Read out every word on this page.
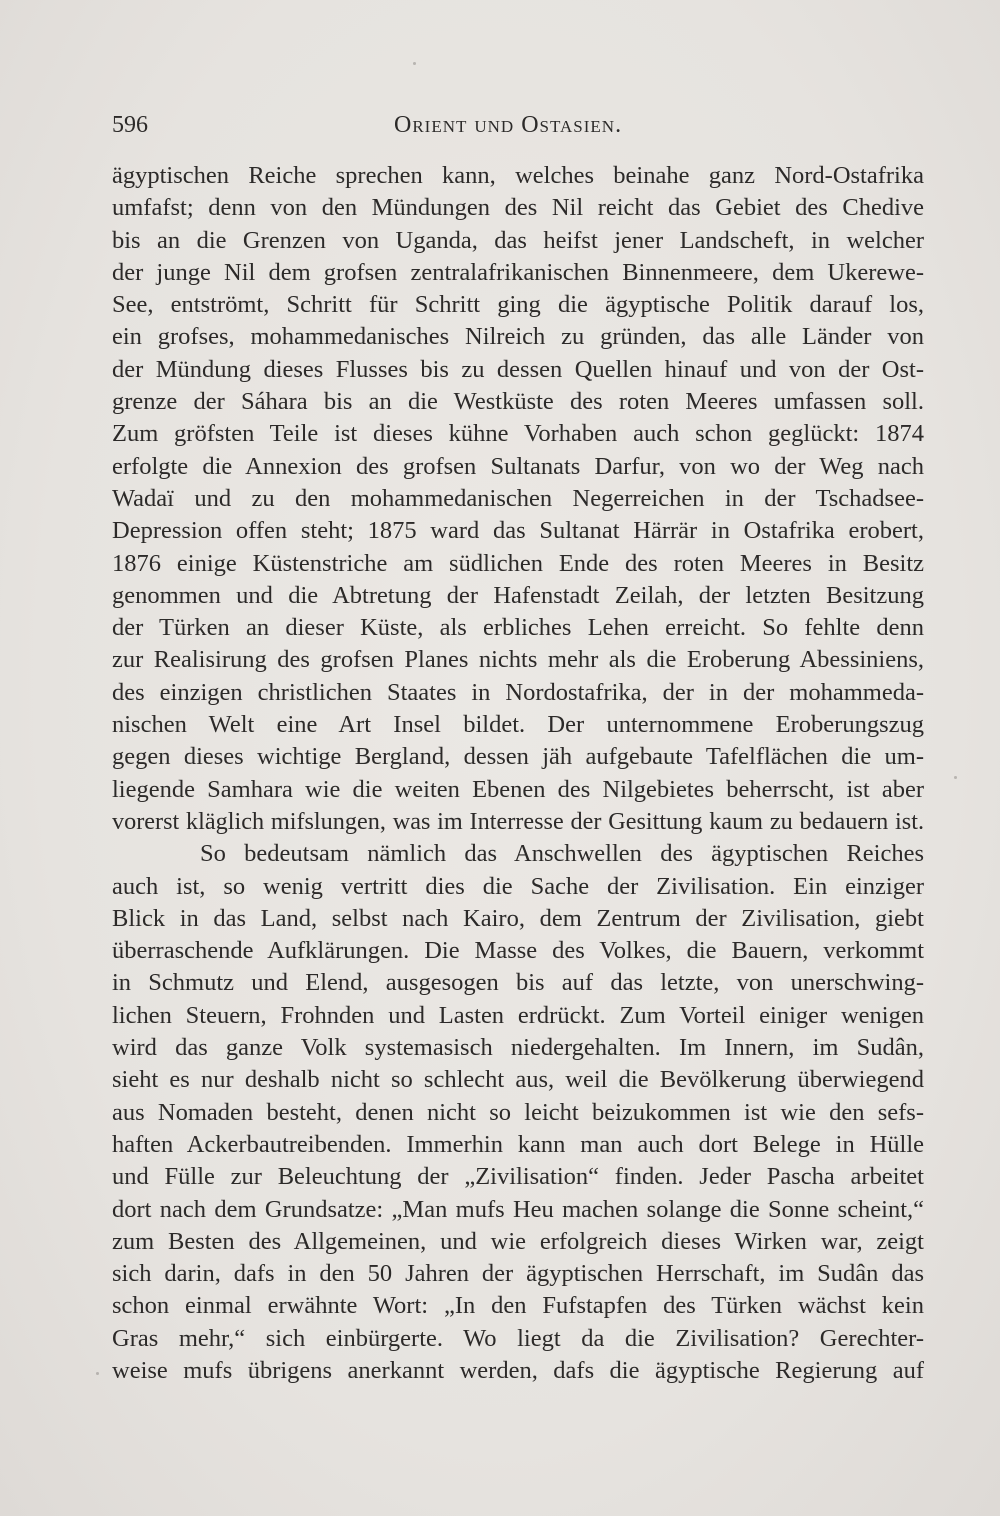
596	Orient und Ostasien.
ägyptischen Reiche sprechen kann, welches beinahe ganz Nord-Ostafrika
umfafst; denn von den Mündungen des Nil reicht das Gebiet des Chedive
bis an die Grenzen von Uganda, das heifst jener Landscheft, in welcher
der junge Nil dem grofsen zentralafrikanischen Binnenmeere, dem Ukerewe-
See, entströmt, Schritt für Schritt ging die ägyptische Politik darauf los,
ein grofses, mohammedanisches Nilreich zu gründen, das alle Länder von
der Mündung dieses Flusses bis zu dessen Quellen hinauf und von der Ost-
grenze der Sáhara bis an die Westküste des roten Meeres umfassen soll.
Zum gröfsten Teile ist dieses kühne Vorhaben auch schon geglückt: 1874
erfolgte die Annexion des grofsen Sultanats Darfur, von wo der Weg nach
Wadaï und zu den mohammedanischen Negerreichen in der Tschadsee-
Depression offen steht; 1875 ward das Sultanat Härrär in Ostafrika erobert,
1876 einige Küstenstriche am südlichen Ende des roten Meeres in Besitz
genommen und die Abtretung der Hafenstadt Zeilah, der letzten Besitzung
der Türken an dieser Küste, als erbliches Lehen erreicht. So fehlte denn
zur Realisirung des grofsen Planes nichts mehr als die Eroberung Abessiniens,
des einzigen christlichen Staates in Nordostafrika, der in der mohammeda-
nischen Welt eine Art Insel bildet. Der unternommene Eroberungszug
gegen dieses wichtige Bergland, dessen jäh aufgebaute Tafelflächen die um-
liegende Samhara wie die weiten Ebenen des Nilgebietes beherrscht, ist aber
vorerst kläglich mifslungen, was im Interresse der Gesittung kaum zu bedauern ist.
So bedeutsam nämlich das Anschwellen des ägyptischen Reiches
auch ist, so wenig vertritt dies die Sache der Zivilisation. Ein einziger
Blick in das Land, selbst nach Kairo, dem Zentrum der Zivilisation, giebt
überraschende Aufklärungen. Die Masse des Volkes, die Bauern, verkommt
in Schmutz und Elend, ausgesogen bis auf das letzte, von unerschwing-
lichen Steuern, Frohnden und Lasten erdrückt. Zum Vorteil einiger wenigen
wird das ganze Volk systemasisch niedergehalten. Im Innern, im Sudân,
sieht es nur deshalb nicht so schlecht aus, weil die Bevölkerung überwiegend
aus Nomaden besteht, denen nicht so leicht beizukommen ist wie den sefs-
haften Ackerbautreibenden. Immerhin kann man auch dort Belege in Hülle
und Fülle zur Beleuchtung der „Zivilisation“ finden. Jeder Pascha arbeitet
dort nach dem Grundsatze: „Man mufs Heu machen solange die Sonne scheint,“
zum Besten des Allgemeinen, und wie erfolgreich dieses Wirken war, zeigt
sich darin, dafs in den 50 Jahren der ägyptischen Herrschaft, im Sudân das
schon einmal erwähnte Wort: „In den Fufstapfen des Türken wächst kein
Gras mehr,“ sich einbürgerte. Wo liegt da die Zivilisation? Gerechter-
weise mufs übrigens anerkannt werden, dafs die ägyptische Regierung auf
